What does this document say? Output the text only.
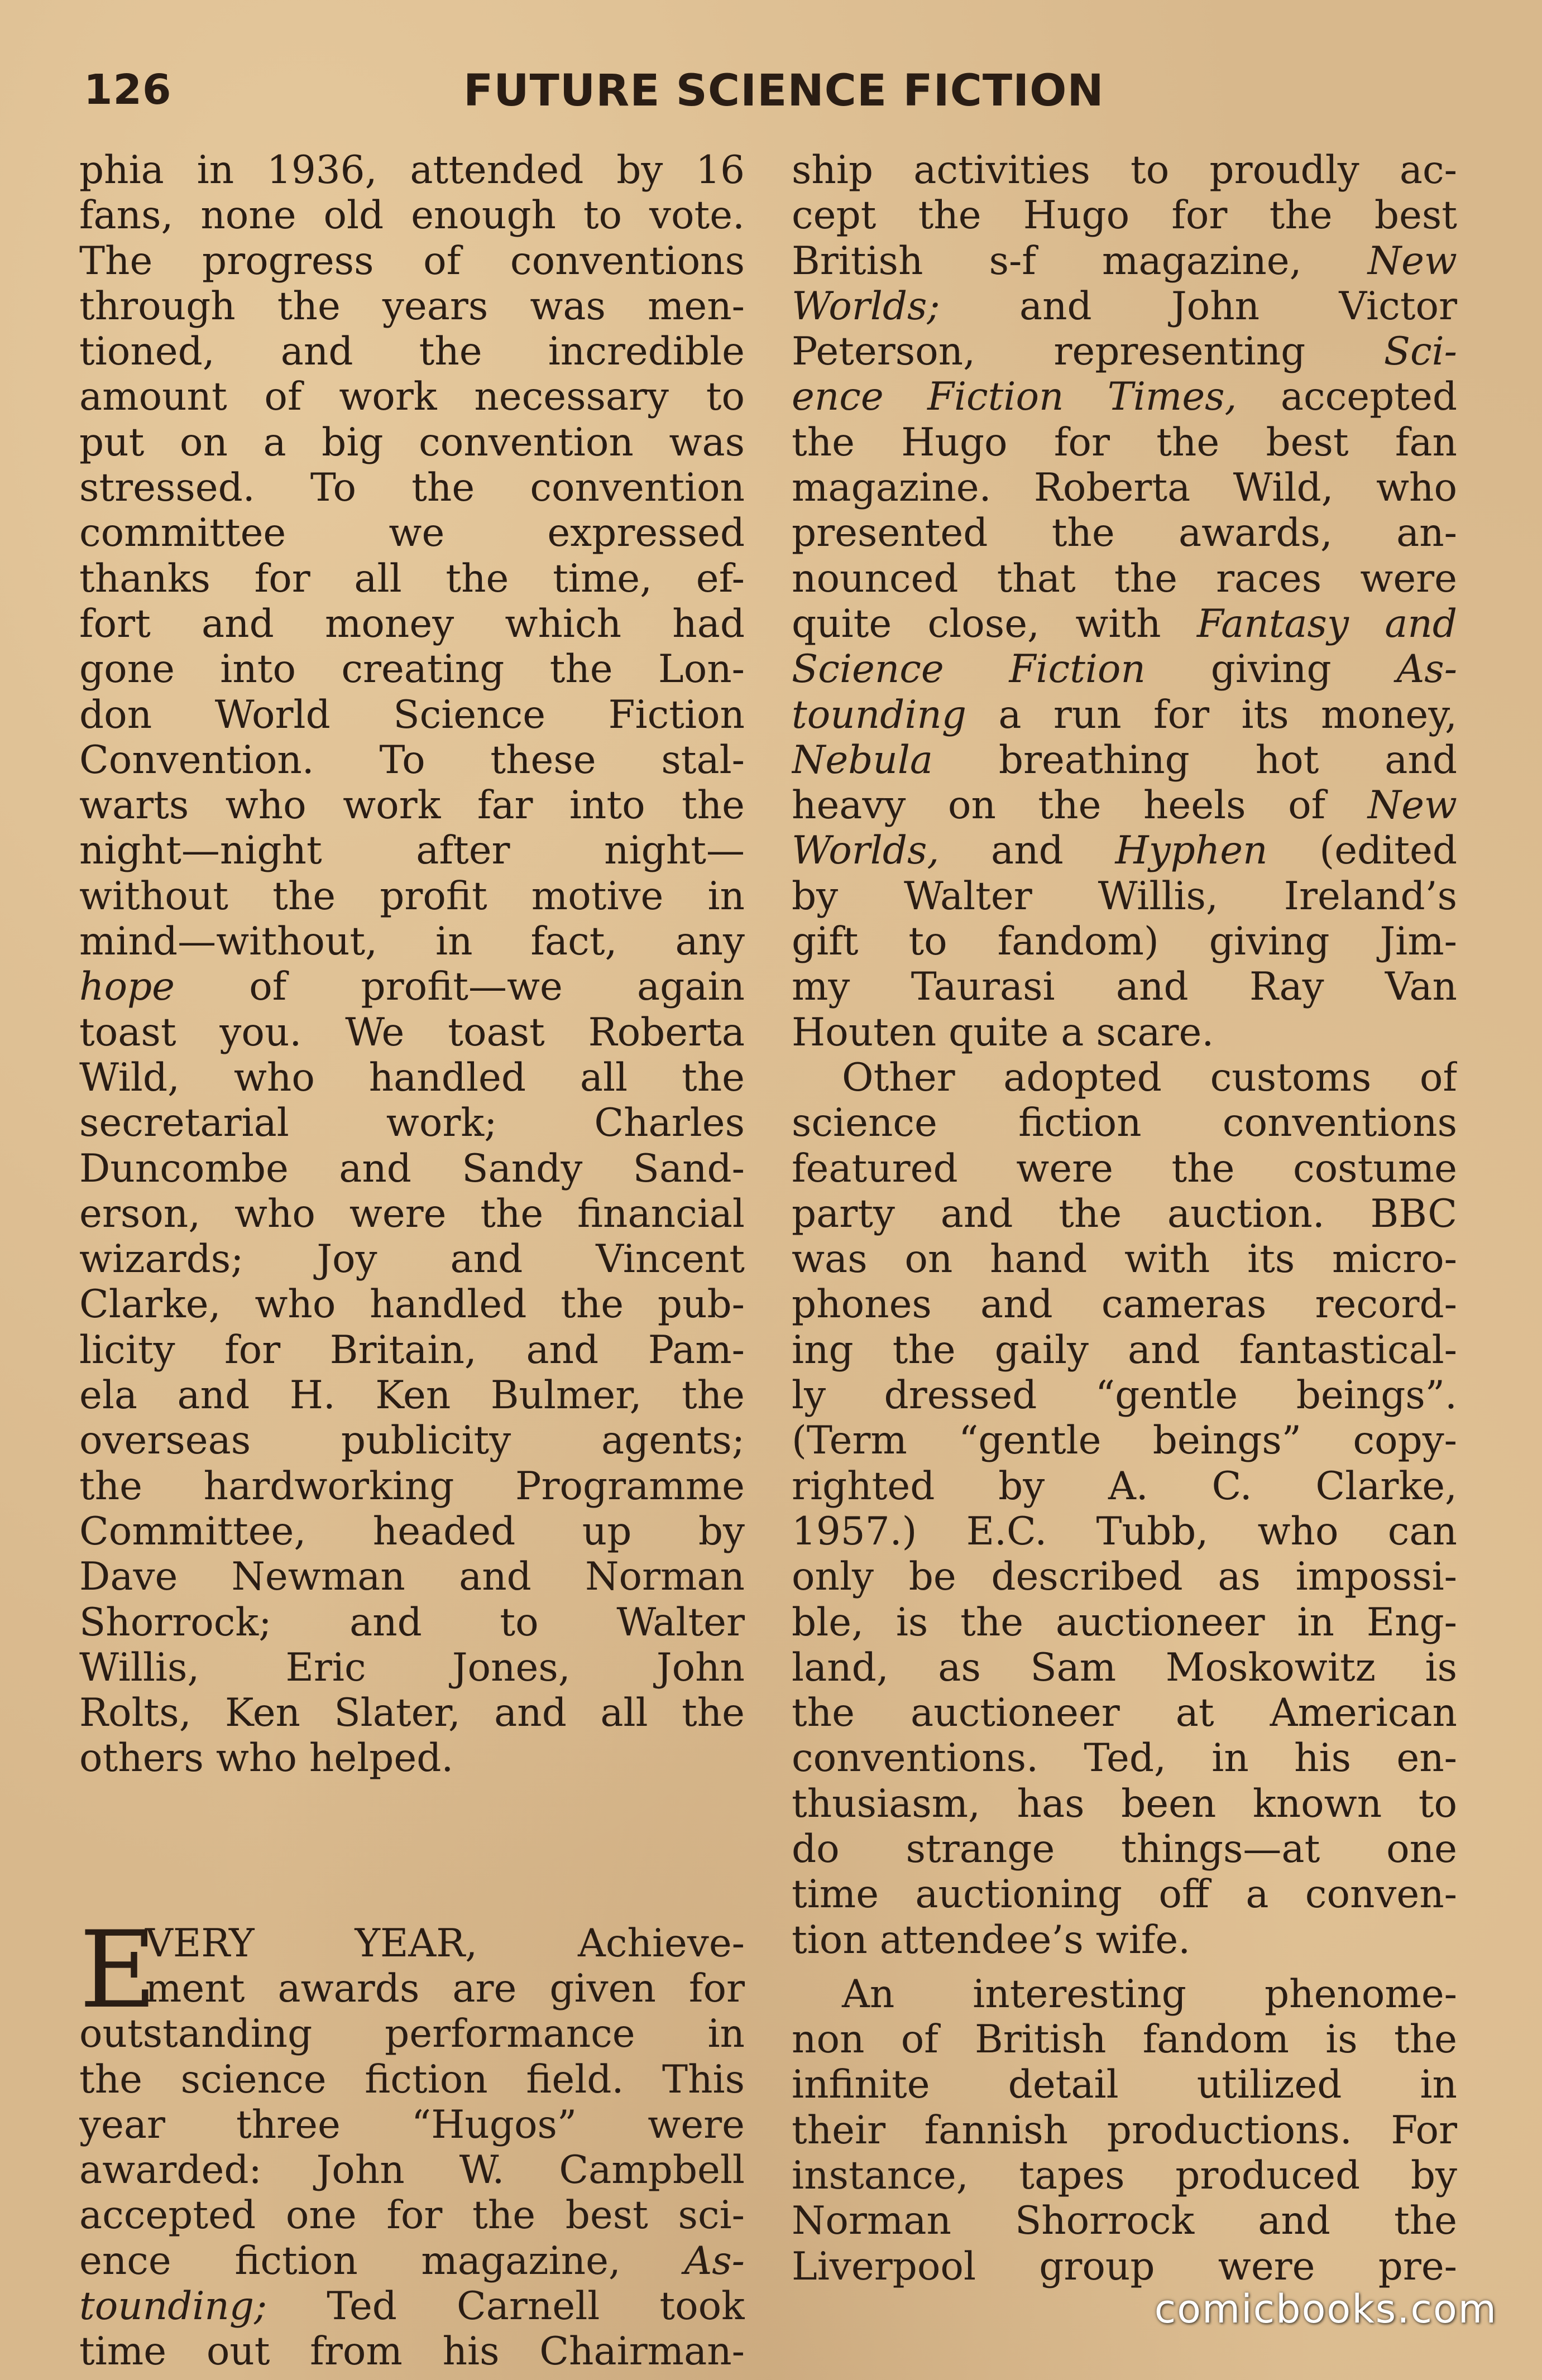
126	FUTURE SCIENCE FICTION
phia in 1936, attended by 16
fans, none old enough to vote.
The progress of conventions
through the years was men-
tioned, and the incredible
amount of work necessary to
put on a big convention was
stressed. To the convention
committee we expressed
thanks for all the time, ef-
fort and money which had
gone into creating the Lon-
don World Science Fiction
Convention. To these stal-
warts who work far into the
night—night after night—
without the profit motive in
mind—without, in fact, any
hope of profit—we again
toast you. We toast Roberta
Wild, who handled all the
secretarial work; Charles
Duncombe and Sandy Sand-
erson, who were the financial
wizards; Joy and Vincent
Clarke, who handled the pub-
licity for Britain, and Pam-
ela and H. Ken Bulmer, the
overseas publicity agents;
the hardworking Programme
Committee, headed up by
Dave Newman and Norman
Shorrock; and to Walter
Willis, Eric Jones, John
Rolts, Ken Slater, and all the
others who helped.
E
VERY YEAR, Achieve-
ment awards are given for
outstanding performance in
the science fiction field. This
year three “Hugos” were
awarded: John W. Campbell
accepted one for the best sci-
ence fiction magazine, As-
tounding; Ted Carnell took
time out from his Chairman-
ship activities to proudly ac-
cept the Hugo for the best
British s-f magazine, New
Worlds; and John Victor
Peterson, representing Sci-
ence Fiction Times, accepted
the Hugo for the best fan
magazine. Roberta Wild, who
presented the awards, an-
nounced that the races were
quite close, with Fantasy and
Science Fiction giving As-
tounding a run for its money,
Nebula breathing hot and
heavy on the heels of New
Worlds, and Hyphen (edited
by Walter Willis, Ireland’s
gift to fandom) giving Jim-
my Taurasi and Ray Van
Houten quite a scare.
Other adopted customs of
science fiction conventions
featured were the costume
party and the auction. BBC
was on hand with its micro-
phones and cameras record-
ing the gaily and fantastical-
ly dressed “gentle beings”.
(Term “gentle beings” copy-
righted by A. C. Clarke,
1957.) E.C. Tubb, who can
only be described as impossi-
ble, is the auctioneer in Eng-
land, as Sam Moskowitz is
the auctioneer at American
conventions. Ted, in his en-
thusiasm, has been known to
do strange things—at one
time auctioning off a conven-
tion attendee’s wife.
An interesting phenome-
non of British fandom is the
infinite detail utilized in
their fannish productions. For
instance, tapes produced by
Norman Shorrock and the
Liverpool group were pre-
comicbooks.com
